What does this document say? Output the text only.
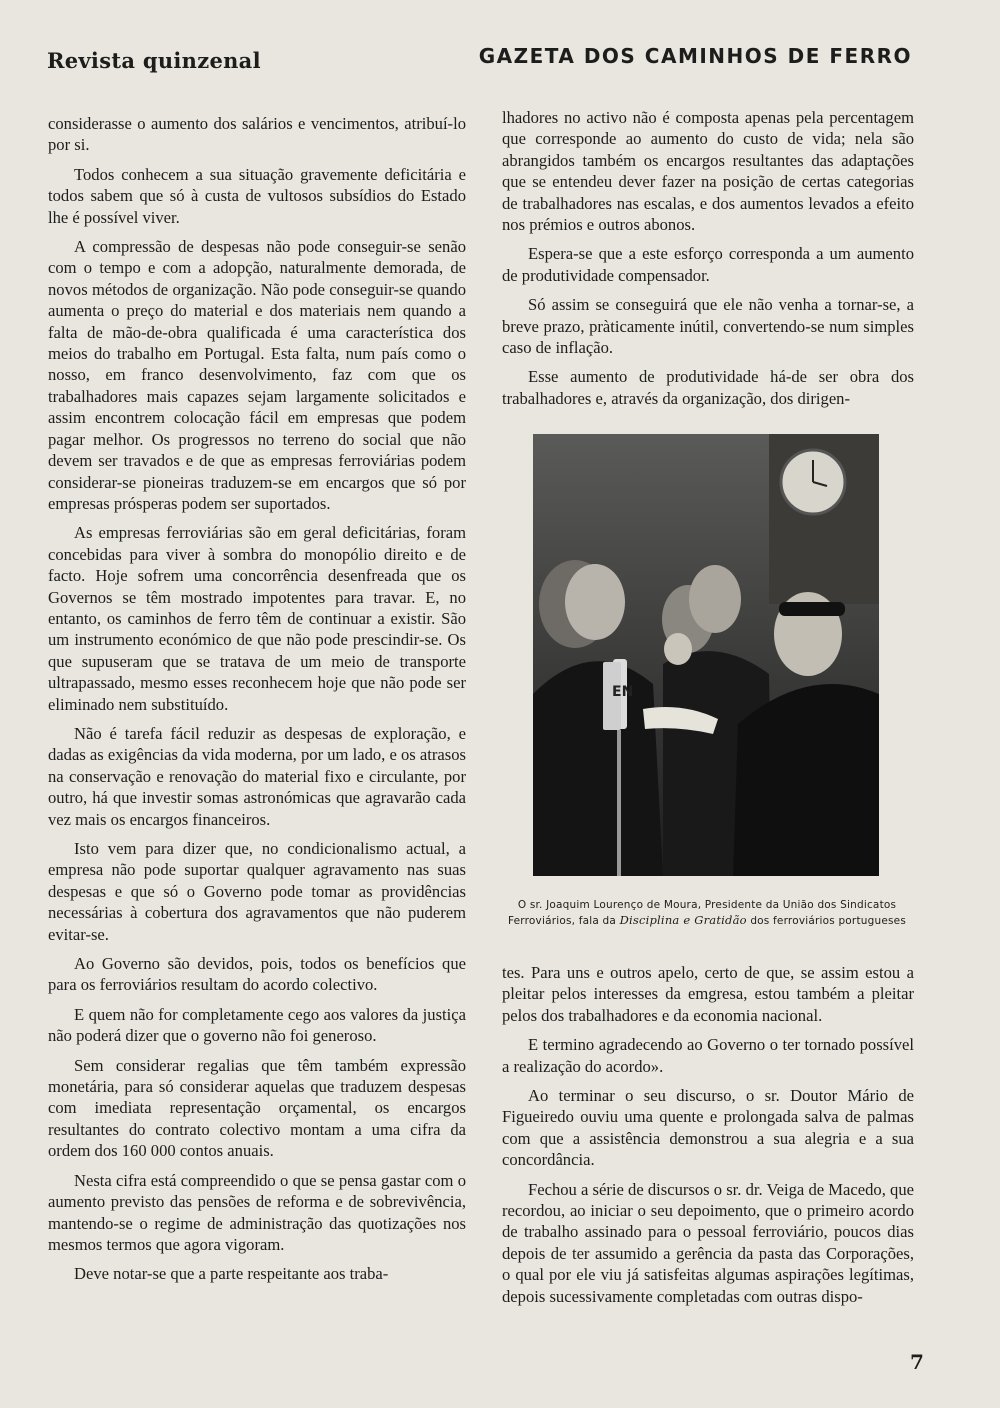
Revista quinzenal	GAZETA DOS CAMINHOS DE FERRO

considerasse o aumento dos salários e vencimentos, atribuí-lo por si.

Todos conhecem a sua situação gravemente deficitária e todos sabem que só à custa de vultosos subsídios do Estado lhe é possível viver.

A compressão de despesas não pode conseguir-se senão com o tempo e com a adopção, naturalmente demorada, de novos métodos de organização. Não pode conseguir-se quando aumenta o preço do material e dos materiais nem quando a falta de mão-de-obra qualificada é uma característica dos meios do trabalho em Portugal. Esta falta, num país como o nosso, em franco desenvolvimento, faz com que os trabalhadores mais capazes sejam largamente solicitados e assim encontrem colocação fácil em empresas que podem pagar melhor. Os progressos no terreno do social que não devem ser travados e de que as empresas ferroviárias podem considerar-se pioneiras traduzem-se em encargos que só por empresas prósperas podem ser suportados.

As empresas ferroviárias são em geral deficitárias, foram concebidas para viver à sombra do monopólio direito e de facto. Hoje sofrem uma concorrência desenfreada que os Governos se têm mostrado impotentes para travar. E, no entanto, os caminhos de ferro têm de continuar a existir. São um instrumento económico de que não pode prescindir-se. Os que supuseram que se tratava de um meio de transporte ultrapassado, mesmo esses reconhecem hoje que não pode ser eliminado nem substituído.

Não é tarefa fácil reduzir as despesas de exploração, e dadas as exigências da vida moderna, por um lado, e os atrasos na conservação e renovação do material fixo e circulante, por outro, há que investir somas astronómicas que agravarão cada vez mais os encargos financeiros.

Isto vem para dizer que, no condicionalismo actual, a empresa não pode suportar qualquer agravamento nas suas despesas e que só o Governo pode tomar as providências necessárias à cobertura dos agravamentos que não puderem evitar-se.

Ao Governo são devidos, pois, todos os benefícios que para os ferroviários resultam do acordo colectivo.

E quem não for completamente cego aos valores da justiça não poderá dizer que o governo não foi generoso.

Sem considerar regalias que têm também expressão monetária, para só considerar aquelas que traduzem despesas com imediata representação orçamental, os encargos resultantes do contrato colectivo montam a uma cifra da ordem dos 160 000 contos anuais.

Nesta cifra está compreendido o que se pensa gastar com o aumento previsto das pensões de reforma e de sobrevivência, mantendo-se o regime de administração das quotizações nos mesmos termos que agora vigoram.

Deve notar-se que a parte respeitante aos traba-

lhadores no activo não é composta apenas pela percentagem que corresponde ao aumento do custo de vida; nela são abrangidos também os encargos resultantes das adaptações que se entendeu dever fazer na posição de certas categorias de trabalhadores nas escalas, e dos aumentos levados a efeito nos prémios e outros abonos.

Espera-se que a este esforço corresponda a um aumento de produtividade compensador.

Só assim se conseguirá que ele não venha a tornar-se, a breve prazo, pràticamente inútil, convertendo-se num simples caso de inflação.

Esse aumento de produtividade há-de ser obra dos trabalhadores e, através da organização, dos dirigen-

EN
O sr. Joaquim Lourenço de Moura, Presidente da União dos Sindicatos Ferroviários, fala da Disciplina e Gratidão dos ferroviários portugueses

tes. Para uns e outros apelo, certo de que, se assim estou a pleitar pelos interesses da emgresa, estou também a pleitar pelos dos trabalhadores e da economia nacional.

E termino agradecendo ao Governo o ter tornado possível a realização do acordo».

Ao terminar o seu discurso, o sr. Doutor Mário de Figueiredo ouviu uma quente e prolongada salva de palmas com que a assistência demonstrou a sua alegria e a sua concordância.

Fechou a série de discursos o sr. dr. Veiga de Macedo, que recordou, ao iniciar o seu depoimento, que o primeiro acordo de trabalho assinado para o pessoal ferroviário, poucos dias depois de ter assumido a gerência da pasta das Corporações, o qual por ele viu já satisfeitas algumas aspirações legítimas, depois sucessivamente completadas com outras dispo-

7
